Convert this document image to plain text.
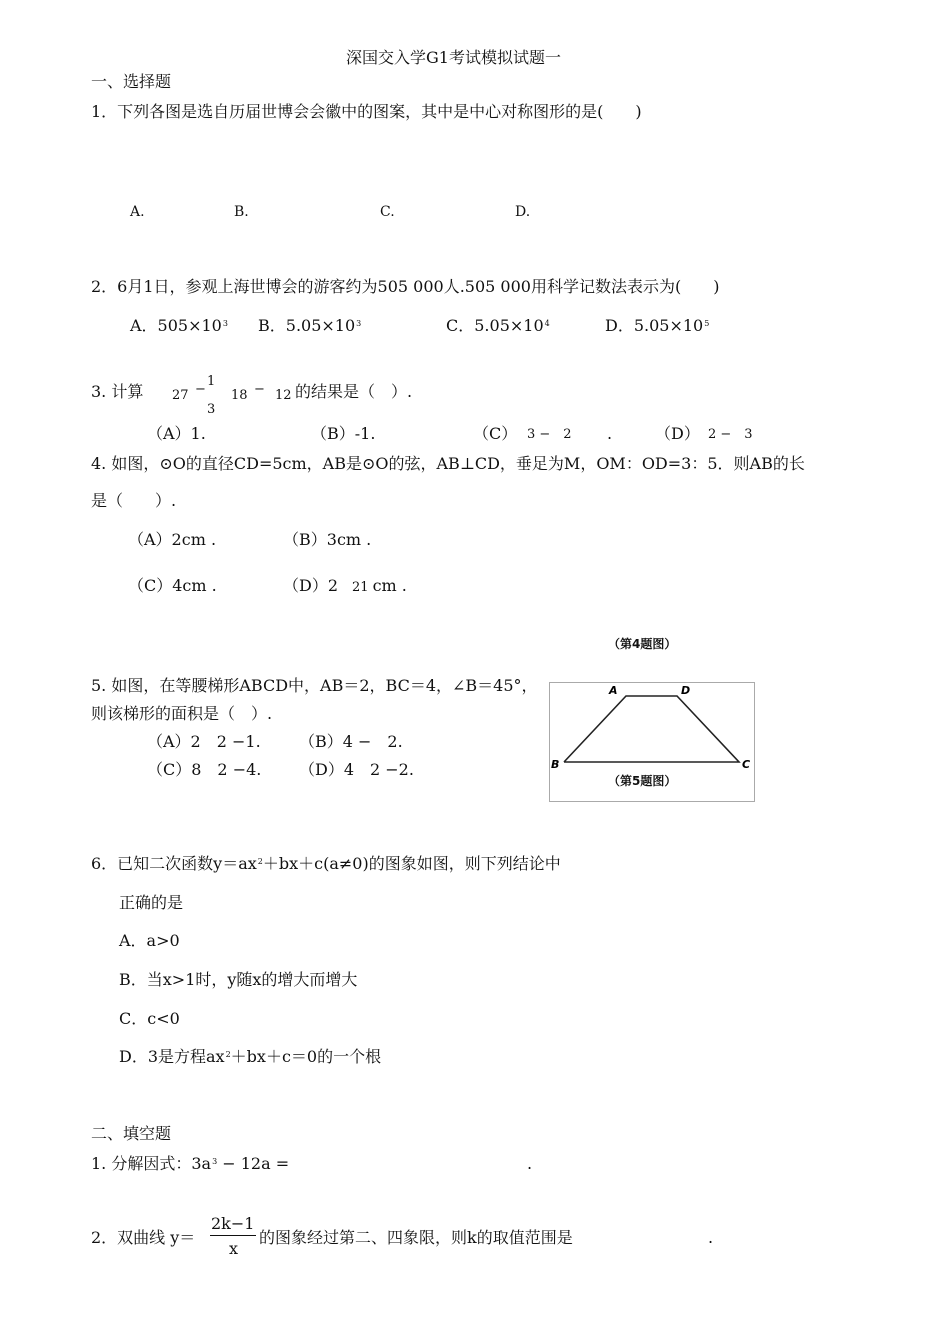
深国交入学G1考试模拟试题一
一、选择题
1．下列各图是选自历届世博会会徽中的图案，其中是中心对称图形的是(　　)
A.	B.	C.	D.
2．6月1日，参观上海世博会的游客约为505 000人.505 000用科学记数法表示为(　　)
A．$505\times 10^3$ B．$5.05\times 10^3$	C．$5.05\times 10^4$	D．$5.05\times 10^5$
3. 计算 27 −
1
3
18 − 12 的结果是（　）.
（A）1.	（B）-1.	（C） 3 −　2 .	（D） 2 −　3
4. 如图，⊙O的直径CD=5cm，AB是⊙O的弦，AB⊥CD，垂足为M，OM：OD=3：5．则AB的长
是（　　）.
（A）2cm .	（B）3cm .
（C）4cm .	（D）2 21 cm .
（第4题图）
5. 如图，在等腰梯形ABCD中，AB＝2，BC＝4，∠B＝45°，
则该梯形的面积是（　）.
（A）2　2 −1. （B）4 −　2.
（C）8　2 −4. （D）4　2 −2.
A	D
B	C
（第5题图）
6．已知二次函数$y=ax^2+bx+c(a\ne 0)$的图象如图，则下列结论中
正确的是
A．a>0
B．当x>1时，y随x的增大而增大
C．c<0
D．3是方程$ax^2+bx+c=0$的一个根
二、填空题
1. 分解因式：$3a^3 - 12a$ =	.
2．双曲线 y＝
2k−1
x
的图象经过第二、四象限，则k的取值范围是	.
